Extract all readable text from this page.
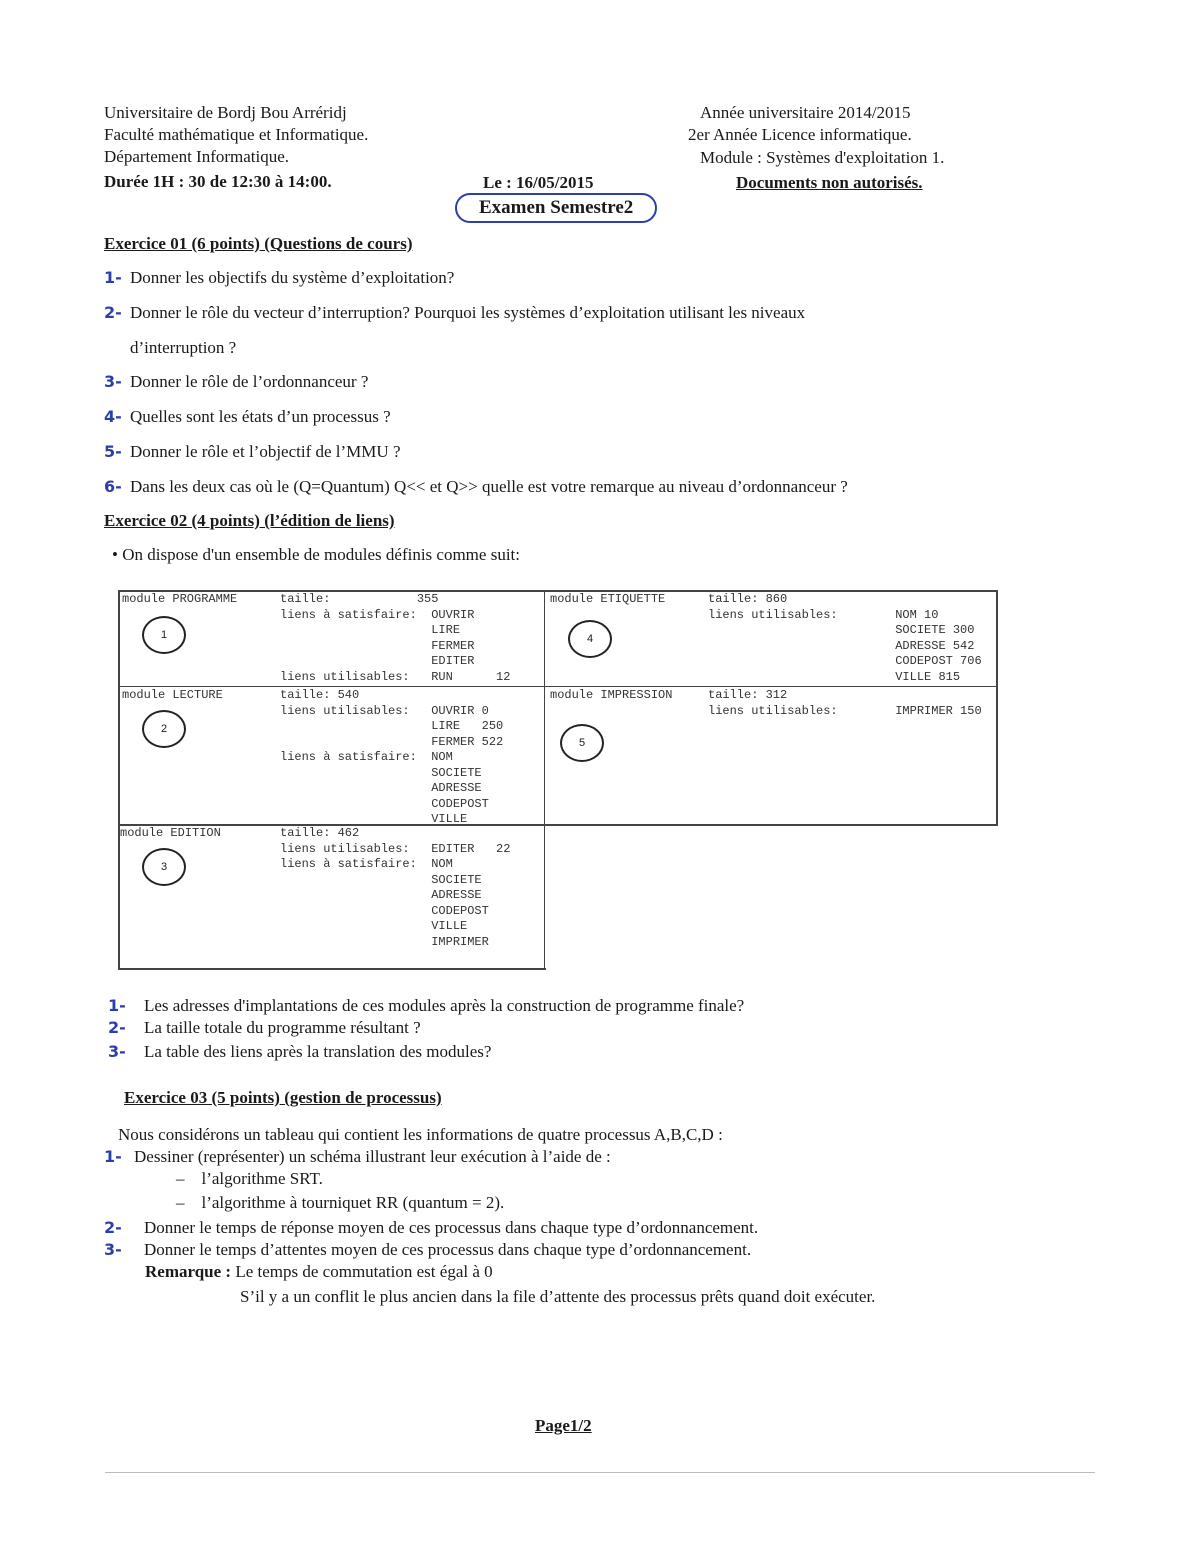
Universitaire de Bordj Bou Arréridj
Faculté mathématique et Informatique.
Département Informatique.
Durée 1H : 30 de 12:30 à 14:00.	Le : 16/05/2015
Année universitaire 2014/2015
2er Année Licence informatique.
Module : Systèmes d'exploitation 1.
Documents non autorisés.
Examen Semestre2
Exercice 01 (6 points) (Questions de cours)
1- Donner les objectifs du système d’exploitation?
2- Donner le rôle du vecteur d’interruption? Pourquoi les systèmes d’exploitation utilisant les niveaux
d’interruption ?
3- Donner le rôle de l’ordonnanceur ?
4- Quelles sont les états d’un processus ?
5- Donner le rôle et l’objectif de l’MMU ?
6- Dans les deux cas où le (Q=Quantum) Q<< et Q>> quelle est votre remarque au niveau d’ordonnanceur ?
Exercice 02 (4 points) (l’édition de liens)
• On dispose d'un ensemble de modules définis comme suit:
module PROGRAMME
1
taille:            355
liens à satisfaire:  OUVRIR
LIRE
FERMER
EDITER
liens utilisables:   RUN      12
module ETIQUETTE
4
taille: 860
liens utilisables:        NOM 10
SOCIETE 300
ADRESSE 542
CODEPOST 706
VILLE 815
module LECTURE
2
taille: 540
liens utilisables:   OUVRIR 0
LIRE   250
FERMER 522
liens à satisfaire:  NOM
SOCIETE
ADRESSE
CODEPOST
VILLE
module IMPRESSION
5
taille: 312
liens utilisables:        IMPRIMER 150
module EDITION
3
taille: 462
liens utilisables:   EDITER   22
liens à satisfaire:  NOM
SOCIETE
ADRESSE
CODEPOST
VILLE
IMPRIMER
1- Les adresses d'implantations de ces modules après la construction de programme finale?
2- La taille totale du programme résultant ?
3- La table des liens après la translation des modules?
Exercice 03 (5 points) (gestion de processus)
Nous considérons un tableau qui contient les informations de quatre processus A,B,C,D :
1- Dessiner (représenter) un schéma illustrant leur exécution à l’aide de :
–    l’algorithme SRT.
–    l’algorithme à tourniquet RR (quantum = 2).
2- Donner le temps de réponse moyen de ces processus dans chaque type d’ordonnancement.
3- Donner le temps d’attentes moyen de ces processus dans chaque type d’ordonnancement.
Remarque : Le temps de commutation est égal à 0
S’il y a un conflit le plus ancien dans la file d’attente des processus prêts quand doit exécuter.
Page1/2
